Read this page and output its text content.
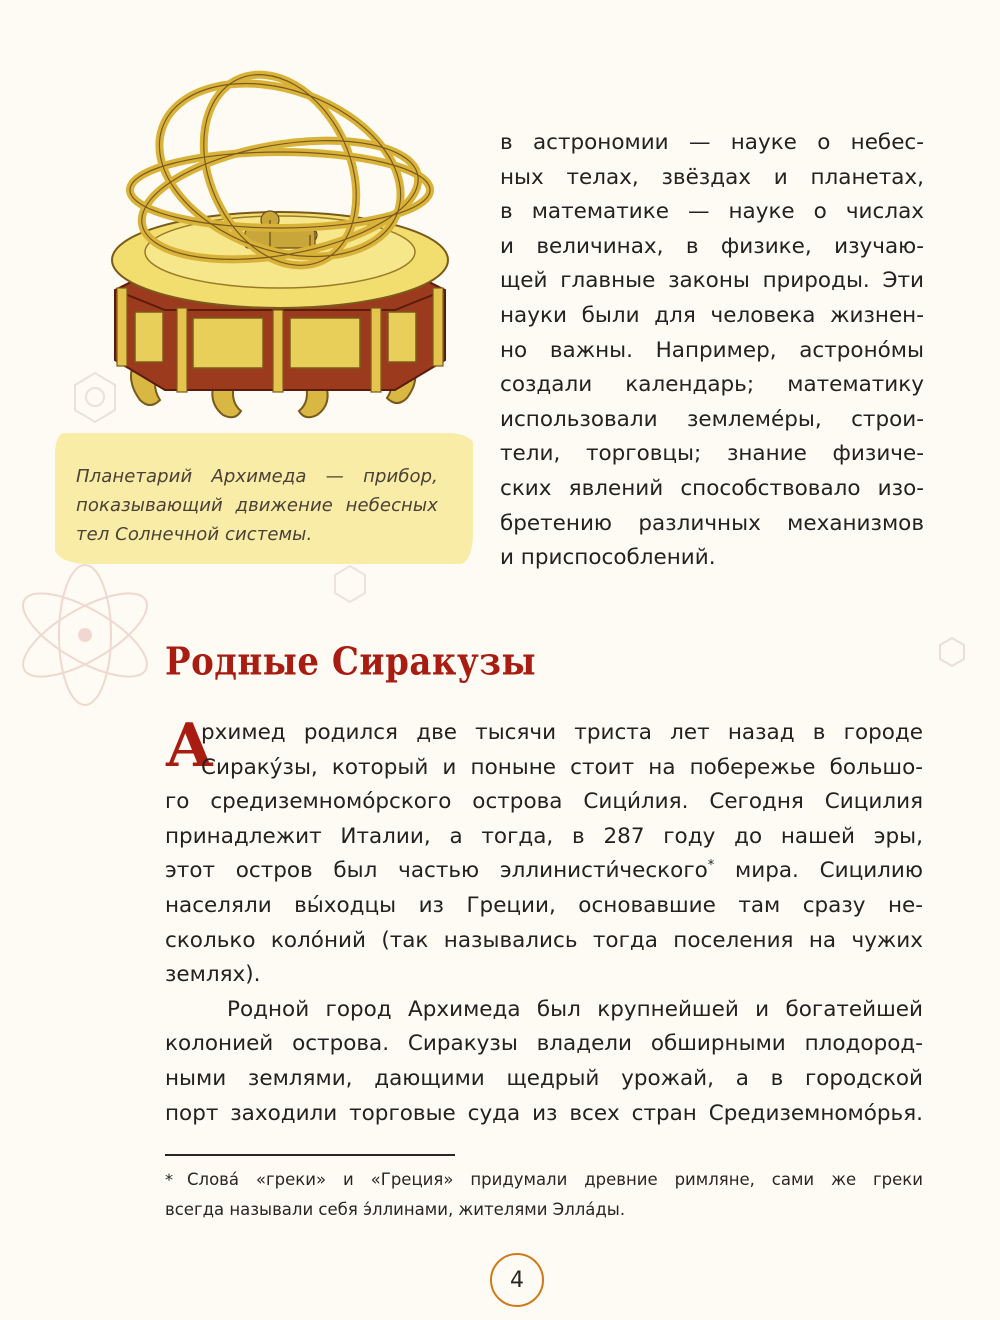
Планетарий Архимеда — прибор,
показывающий движение небесных
тел Солнечной системы.
в астрономии — науке о небес-
ных телах, звёздах и планетах,
в математике — науке о числах
и величинах, в физике, изучаю-
щей главные законы природы. Эти
науки были для человека жизнен-
но важны. Например, астроно́мы
создали календарь; математику
использовали землеме́ры, строи-
тели, торговцы; знание физиче-
ских явлений способствовало изо-
бретению различных механизмов
и приспособлений.
Родные Сиракузы
А
рхимед родился две тысячи триста лет назад в городе
Сираку́зы, который и поныне стоит на побережье большо-
го средиземномо́рского острова Сици́лия. Сегодня Сицилия
принадлежит Италии, а тогда, в 287 году до нашей эры,
этот остров был частью эллинисти́ческого* мира. Сицилию
населяли вы́ходцы из Греции, основавшие там сразу не-
сколько коло́ний (так назывались тогда поселения на чужих
землях).
Родной город Архимеда был крупнейшей и богатейшей
колонией острова. Сиракузы владели обширными плодород-
ными землями, дающими щедрый урожай, а в городской
порт заходили торговые суда из всех стран Средиземномо́рья.
* Слова́ «греки» и «Греция» придумали древние римляне, сами же греки
всегда называли себя э́ллинами, жителями Элла́ды.
4
